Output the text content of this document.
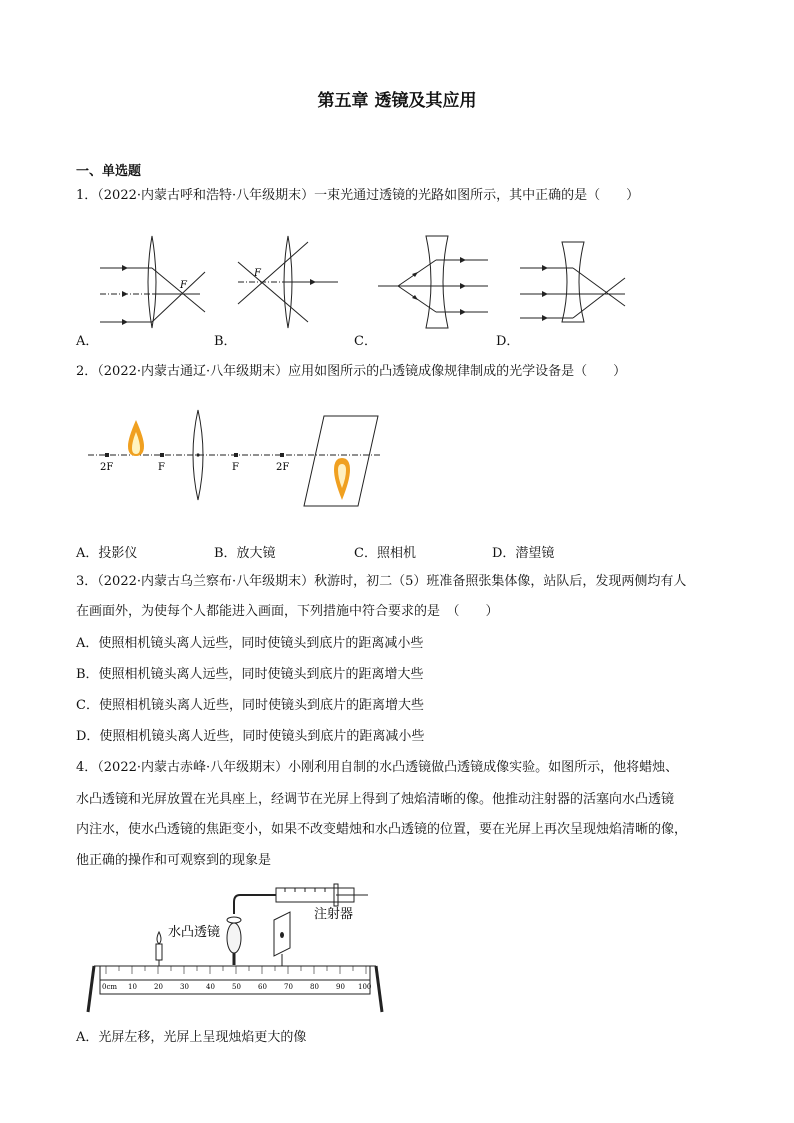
第五章 透镜及其应用
一、单选题
1．（2022·内蒙古呼和浩特·八年级期末）一束光通过透镜的光路如图所示，其中正确的是（　　）
F
A．
F
B．	C．	D．
2．（2022·内蒙古通辽·八年级期末）应用如图所示的凸透镜成像规律制成的光学设备是（　　）
2F	F	F	2F
A．投影仪	B．放大镜	C．照相机	D．潜望镜
3．（2022·内蒙古乌兰察布·八年级期末）秋游时，初二（5）班准备照张集体像，站队后，发现两侧均有人
在画面外，为使每个人都能进入画面，下列措施中符合要求的是　（　　）
A．使照相机镜头离人远些，同时使镜头到底片的距离减小些
B．使照相机镜头离人远些，同时使镜头到底片的距离增大些
C．使照相机镜头离人近些，同时使镜头到底片的距离增大些
D．使照相机镜头离人近些，同时使镜头到底片的距离减小些
4．（2022·内蒙古赤峰·八年级期末）小刚利用自制的水凸透镜做凸透镜成像实验。如图所示，他将蜡烛、
水凸透镜和光屏放置在光具座上，经调节在光屏上得到了烛焰清晰的像。他推动注射器的活塞向水凸透镜
内注水，使水凸透镜的焦距变小，如果不改变蜡烛和水凸透镜的位置，要在光屏上再次呈现烛焰清晰的像，
他正确的操作和可观察到的现象是
注射器
水凸透镜
0cm 10 20 30 40 50 60 70 80 90 100
A．光屏左移，光屏上呈现烛焰更大的像
